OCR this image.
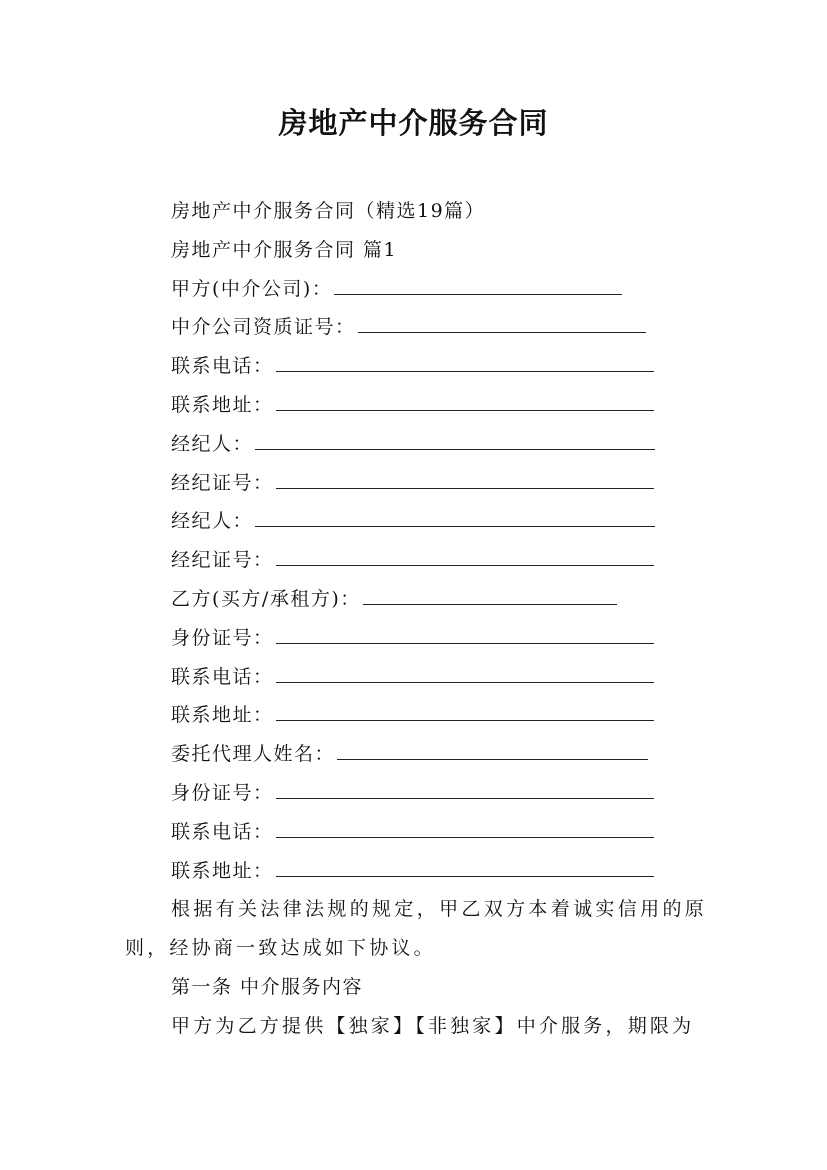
房地产中介服务合同
房地产中介服务合同（精选19篇）
房地产中介服务合同 篇1
甲方(中介公司)：
中介公司资质证号：
联系电话：
联系地址：
经纪人：
经纪证号：
经纪人：
经纪证号：
乙方(买方/承租方)：
身份证号：
联系电话：
联系地址：
委托代理人姓名：
身份证号：
联系电话：
联系地址：
根据有关法律法规的规定，甲乙双方本着诚实信用的原则，经协商一致达成如下协议。
第一条 中介服务内容
甲方为乙方提供【独家】【非独家】中介服务，期限为
